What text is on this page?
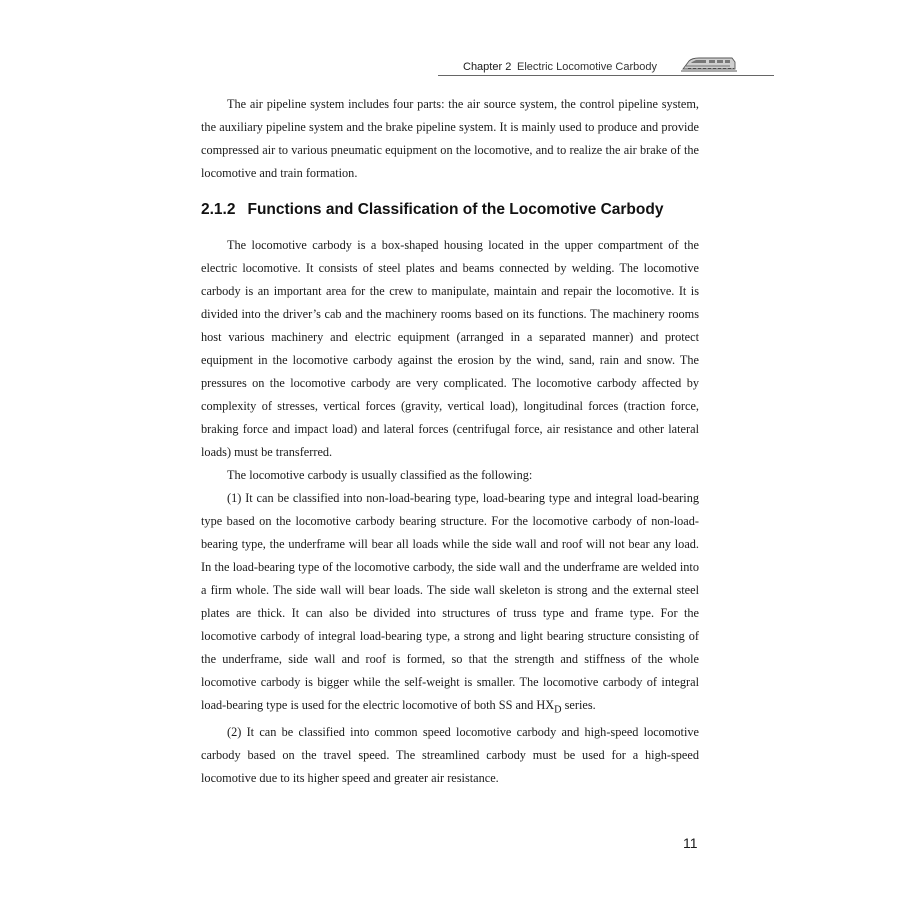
Chapter 2 Electric Locomotive Carbody

The air pipeline system includes four parts: the air source system, the control pipeline system, the auxiliary pipeline system and the brake pipeline system. It is mainly used to produce and provide compressed air to various pneumatic equipment on the locomotive, and to realize the air brake of the locomotive and train formation.

2.1.2 Functions and Classification of the Locomotive Carbody

The locomotive carbody is a box-shaped housing located in the upper compartment of the electric locomotive. It consists of steel plates and beams connected by welding. The locomotive carbody is an important area for the crew to manipulate, maintain and repair the locomotive. It is divided into the driver’s cab and the machinery rooms based on its functions. The machinery rooms host various machinery and electric equipment (arranged in a separated manner) and protect equipment in the locomotive carbody against the erosion by the wind, sand, rain and snow. The pressures on the locomotive carbody are very complicated. The locomotive carbody affected by complexity of stresses, vertical forces (gravity, vertical load), longitudinal forces (traction force, braking force and impact load) and lateral forces (centrifugal force, air resistance and other lateral loads) must be transferred.

The locomotive carbody is usually classified as the following:

(1) It can be classified into non-load-bearing type, load-bearing type and integral load-bearing type based on the locomotive carbody bearing structure. For the locomotive carbody of non-load-bearing type, the underframe will bear all loads while the side wall and roof will not bear any load. In the load-bearing type of the locomotive carbody, the side wall and the underframe are welded into a firm whole. The side wall will bear loads. The side wall skeleton is strong and the external steel plates are thick. It can also be divided into structures of truss type and frame type. For the locomotive carbody of integral load-bearing type, a strong and light bearing structure consisting of the underframe, side wall and roof is formed, so that the strength and stiffness of the whole locomotive carbody is bigger while the self-weight is smaller. The locomotive carbody of integral load-bearing type is used for the electric locomotive of both SS and $HX_D$ series.

(2) It can be classified into common speed locomotive carbody and high-speed locomotive carbody based on the travel speed. The streamlined carbody must be used for a high-speed locomotive due to its higher speed and greater air resistance.

11
